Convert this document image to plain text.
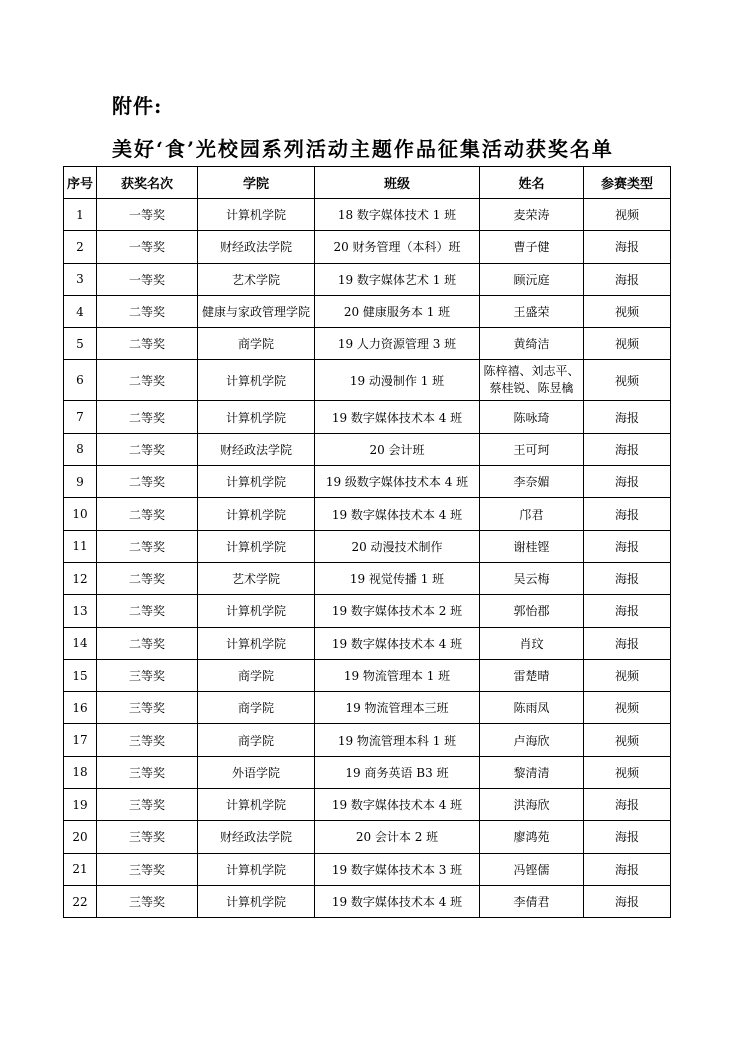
附件:
美好‘食’光校园系列活动主题作品征集活动获奖名单
序号	获奖名次	学院	班级	姓名	参赛类型
1	一等奖	计算机学院	18 数字媒体技术 1 班	麦荣涛	视频
2	一等奖	财经政法学院	20 财务管理（本科）班	曹子健	海报
3	一等奖	艺术学院	19 数字媒体艺术 1 班	顾沅庭	海报
4	二等奖	健康与家政管理学院	20 健康服务本 1 班	王盛荣	视频
5	二等奖	商学院	19 人力资源管理 3 班	黄绮洁	视频
6	二等奖	计算机学院	19 动漫制作 1 班	陈梓禧、刘志平、
蔡桂锐、陈昱檎	视频
7	二等奖	计算机学院	19 数字媒体技术本 4 班	陈咏琦	海报
8	二等奖	财经政法学院	20 会计班	王可珂	海报
9	二等奖	计算机学院	19 级数字媒体技术本 4 班	李奈媚	海报
10	二等奖	计算机学院	19 数字媒体技术本 4 班	邝君	海报
11	二等奖	计算机学院	20 动漫技术制作	谢桂铿	海报
12	二等奖	艺术学院	19 视觉传播 1 班	吴云梅	海报
13	二等奖	计算机学院	19 数字媒体技术本 2 班	郭怡郡	海报
14	二等奖	计算机学院	19 数字媒体技术本 4 班	肖玟	海报
15	三等奖	商学院	19 物流管理本 1 班	雷楚晴	视频
16	三等奖	商学院	19 物流管理本三班	陈雨凤	视频
17	三等奖	商学院	19 物流管理本科 1 班	卢海欣	视频
18	三等奖	外语学院	19 商务英语 B3 班	黎清清	视频
19	三等奖	计算机学院	19 数字媒体技术本 4 班	洪海欣	海报
20	三等奖	财经政法学院	20 会计本 2 班	廖鸿苑	海报
21	三等奖	计算机学院	19 数字媒体技术本 3 班	冯铿儒	海报
22	三等奖	计算机学院	19 数字媒体技术本 4 班	李倩君	海报
